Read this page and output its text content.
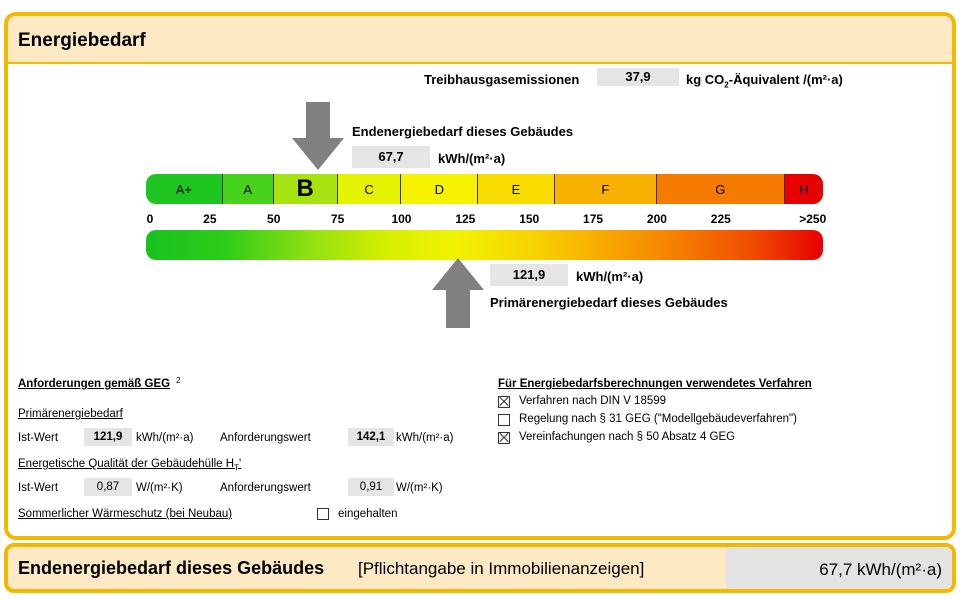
Energiebedarf
Treibhausgasemissionen	37,9	kg $CO_2$-Äquivalent /(m²·a)
Endenergiebedarf dieses Gebäudes
67,7	kWh/(m²·a)
A+	A	B	C	D	E	F	G	H
0	25	50	75	100	125	150	175	200	225	>250
121,9	kWh/(m²·a)
Primärenergiebedarf dieses Gebäudes
Anforderungen gemäß GEG 2
Primärenergiebedarf
Ist-Wert	121,9	kWh/(m²·a) Anforderungswert	142,1 kWh/(m²·a)
Energetische Qualität der Gebäudehülle $H_T'$
Ist-Wert	0,87	W/(m²·K)	Anforderungswert	0,91	W/(m²·K)
Sommerlicher Wärmeschutz (bei Neubau)	eingehalten
Für Energiebedarfsberechnungen verwendetes Verfahren
Verfahren nach DIN V 18599
Regelung nach § 31 GEG ("Modellgebäudeverfahren")
Vereinfachungen nach § 50 Absatz 4 GEG
Endenergiebedarf dieses Gebäudes [Pflichtangabe in Immobilienanzeigen]	67,7 kWh/(m²·a)
